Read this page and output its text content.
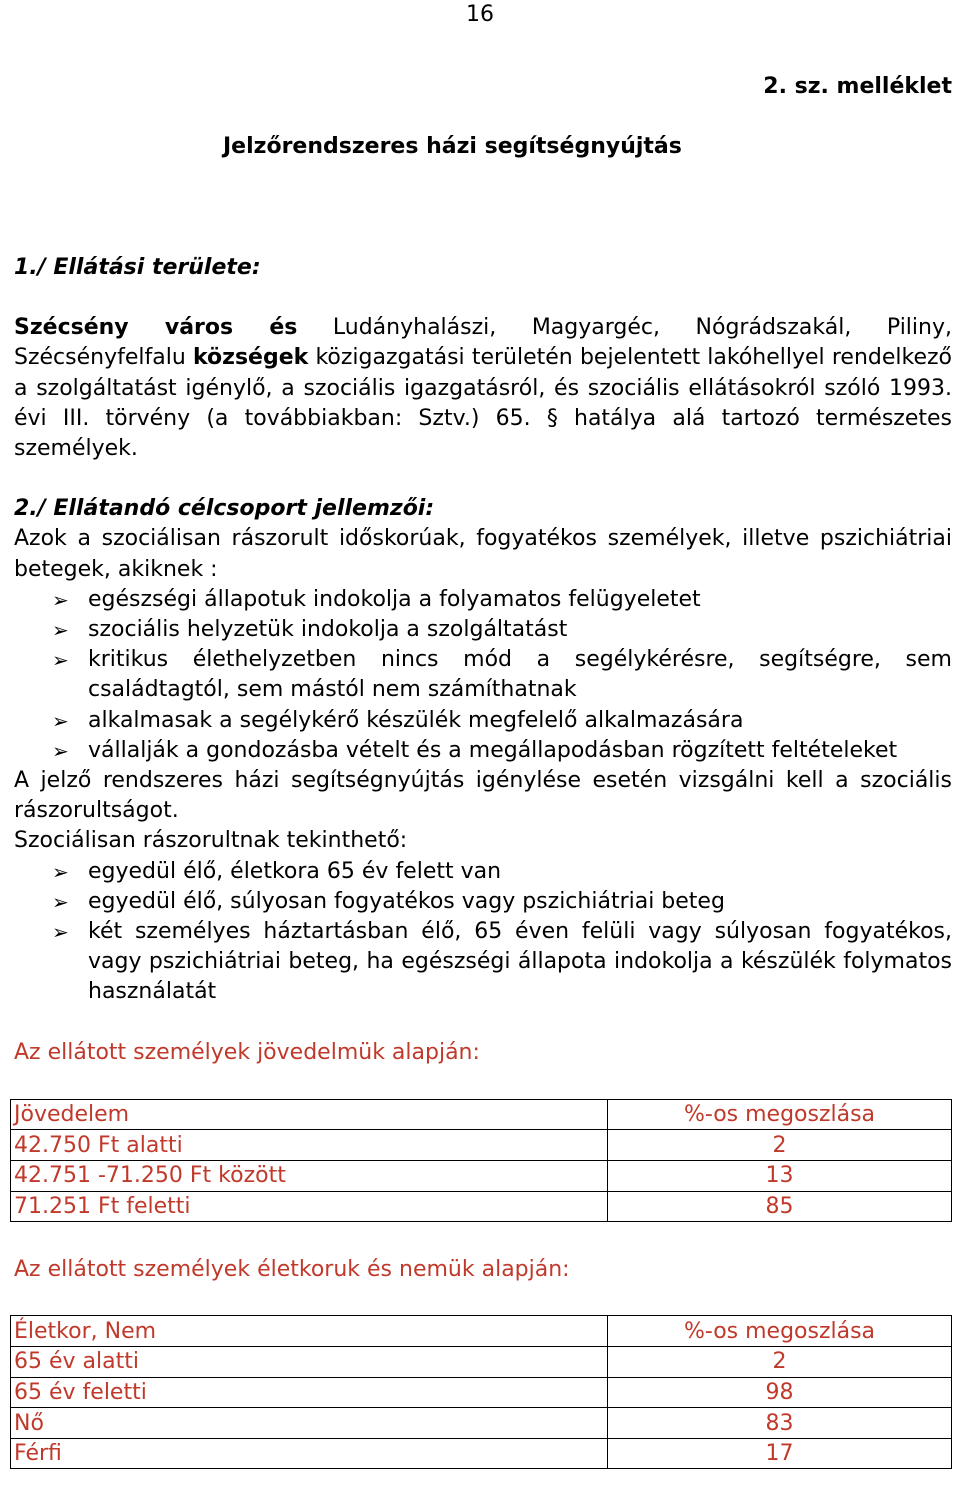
16
2. sz. melléklet
Jelzőrendszeres házi segítségnyújtás

1./ Ellátási területe:

Szécsény város és Ludányhalászi, Magyargéc, Nógrádszakál, Piliny, Szécsényfelfalu községek közigazgatási területén bejelentett lakóhellyel rendelkező a szolgáltatást igénylő, a szociális igazgatásról, és szociális ellátásokról szóló 1993. évi III. törvény (a továbbiakban: Sztv.) 65. § hatálya alá tartozó természetes személyek.

2./ Ellátandó célcsoport jellemzői:

Azok a szociálisan rászorult időskorúak, fogyatékos személyek, illetve pszichiátriai betegek, akiknek :

➢ egészségi állapotuk indokolja a folyamatos felügyeletet
➢ szociális helyzetük indokolja a szolgáltatást
➢ kritikus élethelyzetben nincs mód a segélykérésre, segítségre, sem családtagtól, sem mástól nem számíthatnak
➢ alkalmasak a segélykérő készülék megfelelő alkalmazására
➢ vállalják a gondozásba vételt és a megállapodásban rögzített feltételeket

A jelző rendszeres házi segítségnyújtás igénylése esetén vizsgálni kell a szociális rászorultságot.

Szociálisan rászorultnak tekinthető:

➢ egyedül élő, életkora 65 év felett van
➢ egyedül élő, súlyosan fogyatékos vagy pszichiátriai beteg
➢ két személyes háztartásban élő, 65 éven felüli vagy súlyosan fogyatékos, vagy pszichiátriai beteg, ha egészségi állapota indokolja a készülék folymatos használatát

Az ellátott személyek jövedelmük alapján:

Jövedelem	%-os megoszlása
42.750 Ft alatti	2
42.751 -71.250 Ft között	13
71.251 Ft feletti	85

Az ellátott személyek életkoruk és nemük alapján:

Életkor, Nem	%-os megoszlása
65 év alatti	2
65 év feletti	98
Nő	83
Férfi	17
